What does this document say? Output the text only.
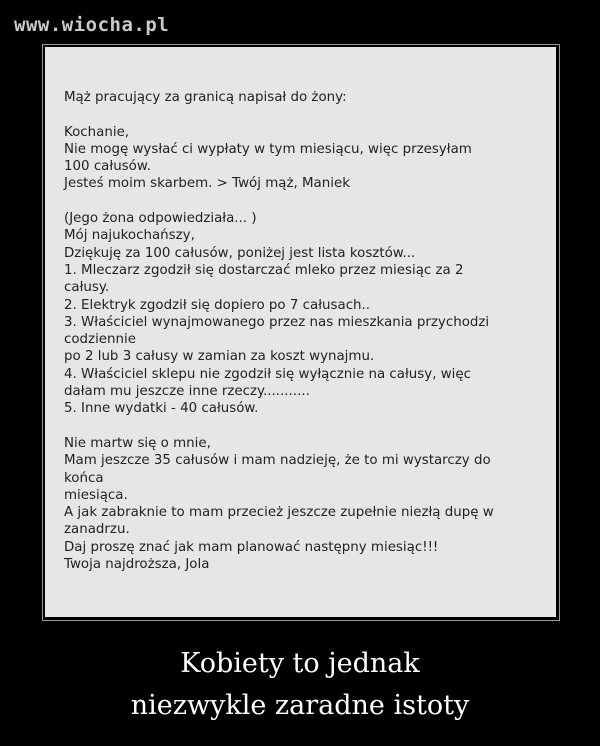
www.wiocha.pl
Mąż pracujący za granicą napisał do żony:

Kochanie,
Nie mogę wysłać ci wypłaty w tym miesiącu, więc przesyłam
100 całusów.
Jesteś moim skarbem. > Twój mąż, Maniek

(Jego żona odpowiedziała... )
Mój najukochańszy,
Dziękuję za 100 całusów, poniżej jest lista kosztów...
1. Mleczarz zgodził się dostarczać mleko przez miesiąc za 2
całusy.
2. Elektryk zgodził się dopiero po 7 całusach..
3. Właściciel wynajmowanego przez nas mieszkania przychodzi
codziennie
po 2 lub 3 całusy w zamian za koszt wynajmu.
4. Właściciel sklepu nie zgodził się wyłącznie na całusy, więc
dałam mu jeszcze inne rzeczy...........
5. Inne wydatki - 40 całusów.

Nie martw się o mnie,
Mam jeszcze 35 całusów i mam nadzieję, że to mi wystarczy do
końca
miesiąca.
A jak zabraknie to mam przecież jeszcze zupełnie niezłą dupę w
zanadrzu.
Daj proszę znać jak mam planować następny miesiąc!!!
Twoja najdroższa, Jola
Kobiety to jednak
niezwykle zaradne istoty
